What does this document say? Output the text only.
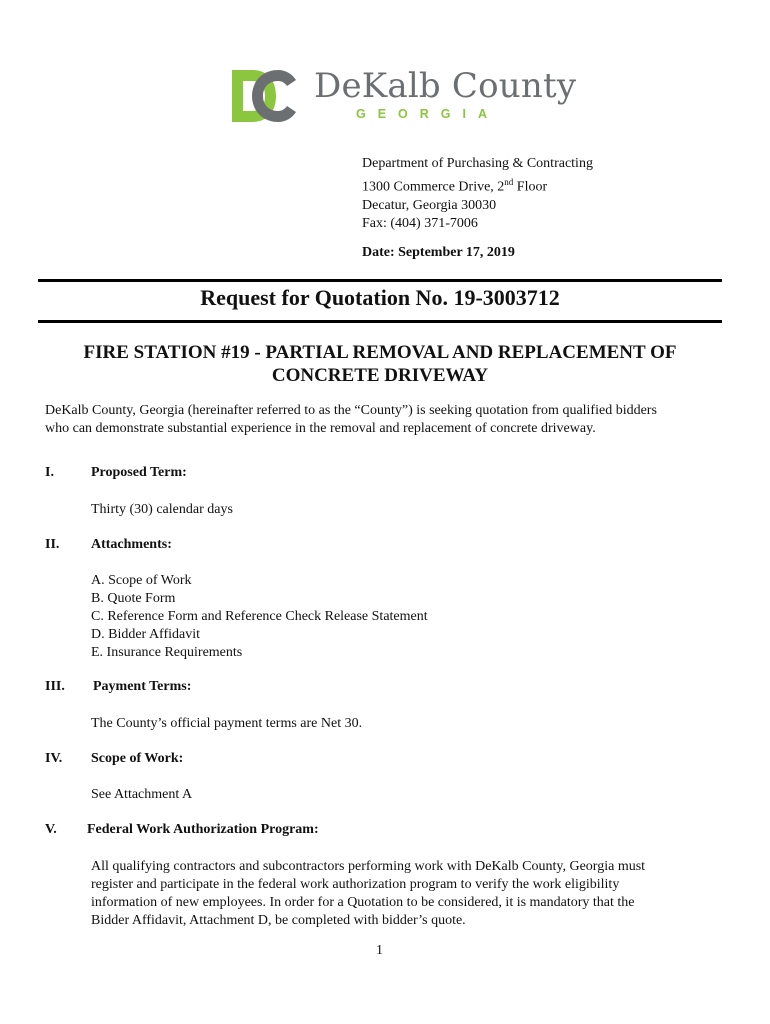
DeKalb County
GEORGIA
Department of Purchasing & Contracting
1300 Commerce Drive, 2nd Floor
Decatur, Georgia 30030
Fax: (404) 371-7006
Date: September 17, 2019
Request for Quotation No. 19-3003712
FIRE STATION #19 - PARTIAL REMOVAL AND REPLACEMENT OF
CONCRETE DRIVEWAY
DeKalb County, Georgia (hereinafter referred to as the “County”) is seeking quotation from qualified bidders
who can demonstrate substantial experience in the removal and replacement of concrete driveway.
I.	Proposed Term:
Thirty (30) calendar days
II. Attachments:
A. Scope of Work
B. Quote Form
C. Reference Form and Reference Check Release Statement
D. Bidder Affidavit
E. Insurance Requirements
III. Payment Terms:
The County’s official payment terms are Net 30.
IV. Scope of Work:
See Attachment A
V. Federal Work Authorization Program:
All qualifying contractors and subcontractors performing work with DeKalb County, Georgia must
register and participate in the federal work authorization program to verify the work eligibility
information of new employees. In order for a Quotation to be considered, it is mandatory that the
Bidder Affidavit, Attachment D, be completed with bidder’s quote.
1
